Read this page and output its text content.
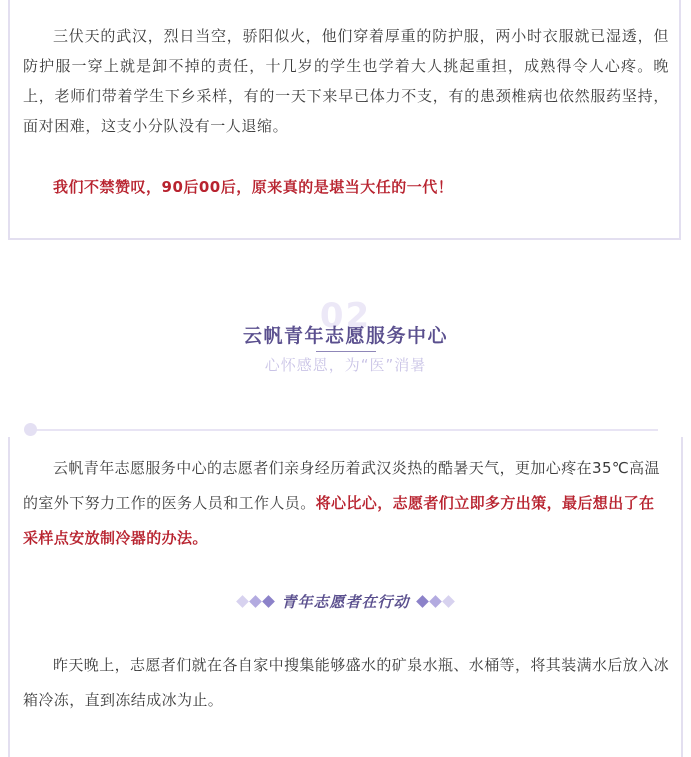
三伏天的武汉，烈日当空，骄阳似火，他们穿着厚重的防护服，两小时衣服就已湿透，但防护服一穿上就是卸不掉的责任，十几岁的学生也学着大人挑起重担，成熟得令人心疼。晚上，老师们带着学生下乡采样，有的一天下来早已体力不支，有的患颈椎病也依然服药坚持，面对困难，这支小分队没有一人退缩。

我们不禁赞叹，90后00后，原来真的是堪当大任的一代！

02
云帆青年志愿服务中心
心怀感恩，为“医”消暑

云帆青年志愿服务中心的志愿者们亲身经历着武汉炎热的酷暑天气，更加心疼在35℃高温的室外下努力工作的医务人员和工作人员。将心比心，志愿者们立即多方出策，最后想出了在采样点安放制冷器的办法。

青年志愿者在行动

昨天晚上，志愿者们就在各自家中搜集能够盛水的矿泉水瓶、水桶等，将其装满水后放入冰箱冷冻，直到冻结成冰为止。
